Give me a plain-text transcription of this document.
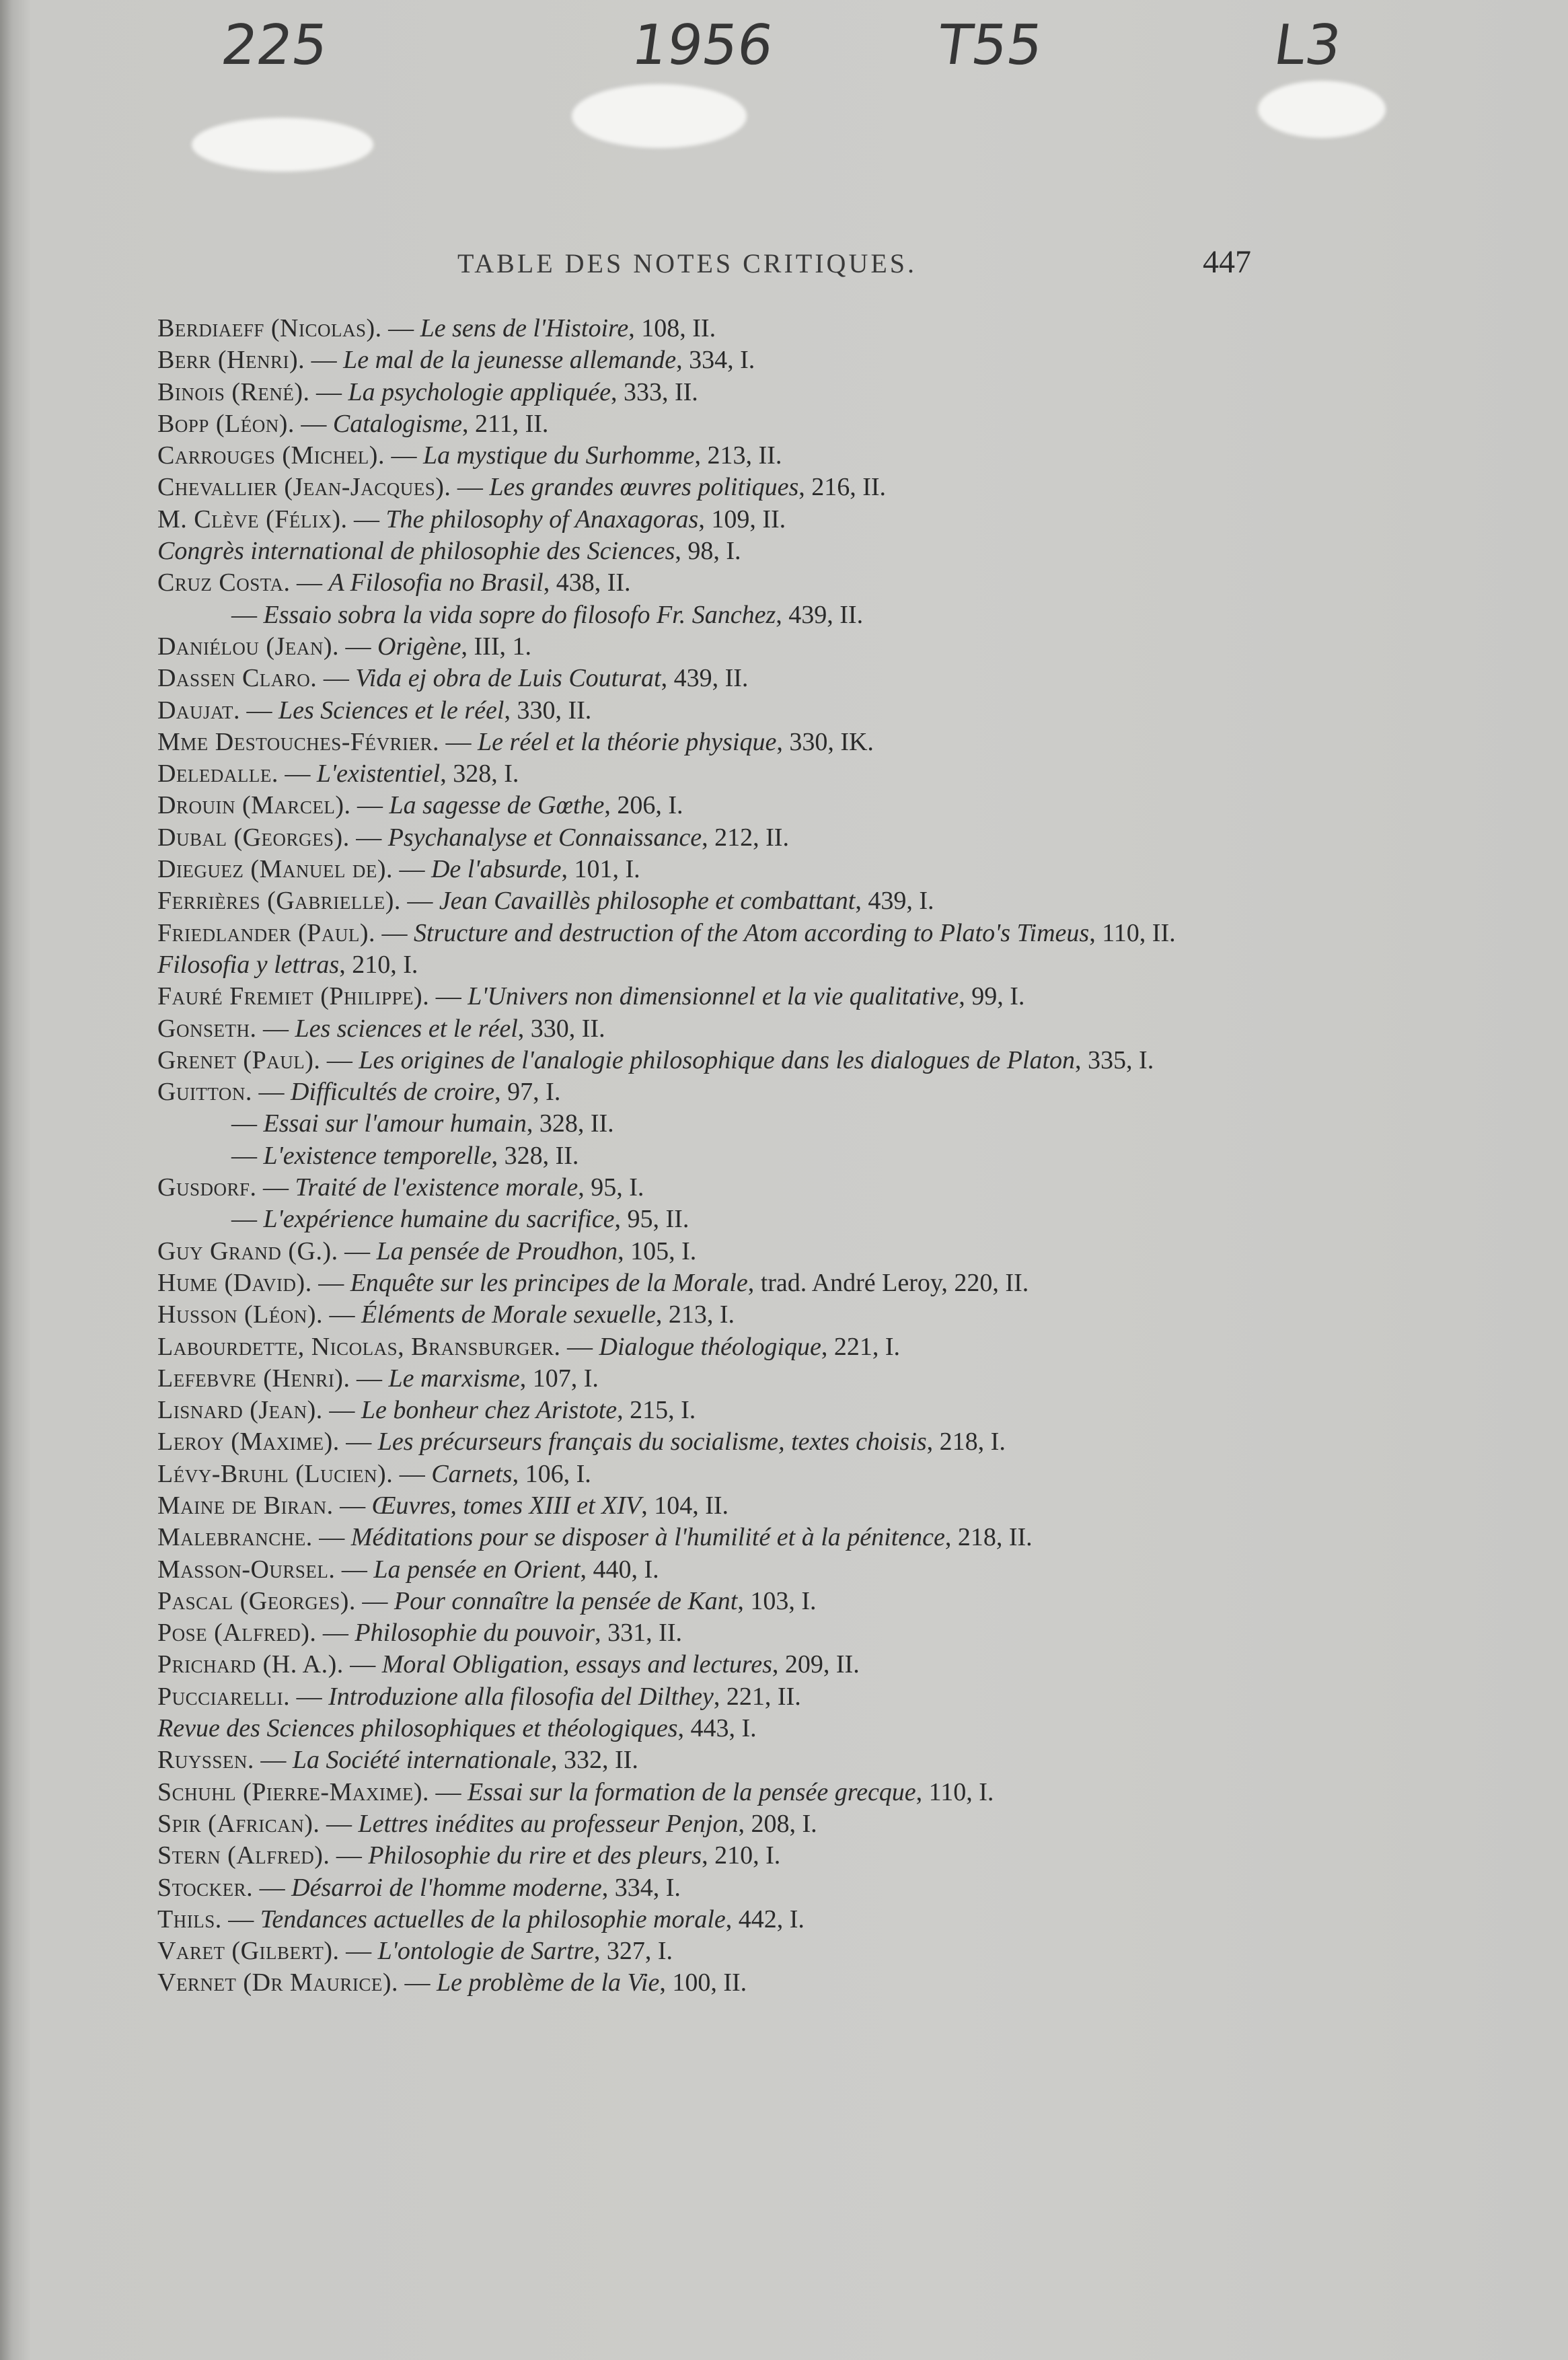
225	1956	T55	L3
TABLE DES NOTES CRITIQUES.	447
Berdiaeff (Nicolas). — Le sens de l'Histoire, 108, II.
Berr (Henri). — Le mal de la jeunesse allemande, 334, I.
Binois (René). — La psychologie appliquée, 333, II.
Bopp (Léon). — Catalogisme, 211, II.
Carrouges (Michel). — La mystique du Surhomme, 213, II.
Chevallier (Jean-Jacques). — Les grandes œuvres politiques, 216, II.
M. Clève (Félix). — The philosophy of Anaxagoras, 109, II.
Congrès international de philosophie des Sciences, 98, I.
Cruz Costa. — A Filosofia no Brasil, 438, II.
— Essaio sobra la vida sopre do filosofo Fr. Sanchez, 439, II.
Daniélou (Jean). — Origène, III, 1.
Dassen Claro. — Vida ej obra de Luis Couturat, 439, II.
Daujat. — Les Sciences et le réel, 330, II.
Mme Destouches-Février. — Le réel et la théorie physique, 330, IK.
Deledalle. — L'existentiel, 328, I.
Drouin (Marcel). — La sagesse de Gœthe, 206, I.
Dubal (Georges). — Psychanalyse et Connaissance, 212, II.
Dieguez (Manuel de). — De l'absurde, 101, I.
Ferrières (Gabrielle). — Jean Cavaillès philosophe et combattant, 439, I.
Friedlander (Paul). — Structure and destruction of the Atom according to Plato's Timeus, 110, II.
Filosofia y lettras, 210, I.
Fauré Fremiet (Philippe). — L'Univers non dimensionnel et la vie qualitative, 99, I.
Gonseth. — Les sciences et le réel, 330, II.
Grenet (Paul). — Les origines de l'analogie philosophique dans les dialogues de Platon, 335, I.
Guitton. — Difficultés de croire, 97, I.
— Essai sur l'amour humain, 328, II.
— L'existence temporelle, 328, II.
Gusdorf. — Traité de l'existence morale, 95, I.
— L'expérience humaine du sacrifice, 95, II.
Guy Grand (G.). — La pensée de Proudhon, 105, I.
Hume (David). — Enquête sur les principes de la Morale, trad. André Leroy, 220, II.
Husson (Léon). — Éléments de Morale sexuelle, 213, I.
Labourdette, Nicolas, Bransburger. — Dialogue théologique, 221, I.
Lefebvre (Henri). — Le marxisme, 107, I.
Lisnard (Jean). — Le bonheur chez Aristote, 215, I.
Leroy (Maxime). — Les précurseurs français du socialisme, textes choisis, 218, I.
Lévy-Bruhl (Lucien). — Carnets, 106, I.
Maine de Biran. — Œuvres, tomes XIII et XIV, 104, II.
Malebranche. — Méditations pour se disposer à l'humilité et à la pénitence, 218, II.
Masson-Oursel. — La pensée en Orient, 440, I.
Pascal (Georges). — Pour connaître la pensée de Kant, 103, I.
Pose (Alfred). — Philosophie du pouvoir, 331, II.
Prichard (H. A.). — Moral Obligation, essays and lectures, 209, II.
Pucciarelli. — Introduzione alla filosofia del Dilthey, 221, II.
Revue des Sciences philosophiques et théologiques, 443, I.
Ruyssen. — La Société internationale, 332, II.
Schuhl (Pierre-Maxime). — Essai sur la formation de la pensée grecque, 110, I.
Spir (African). — Lettres inédites au professeur Penjon, 208, I.
Stern (Alfred). — Philosophie du rire et des pleurs, 210, I.
Stocker. — Désarroi de l'homme moderne, 334, I.
Thils. — Tendances actuelles de la philosophie morale, 442, I.
Varet (Gilbert). — L'ontologie de Sartre, 327, I.
Vernet (Dr Maurice). — Le problème de la Vie, 100, II.
